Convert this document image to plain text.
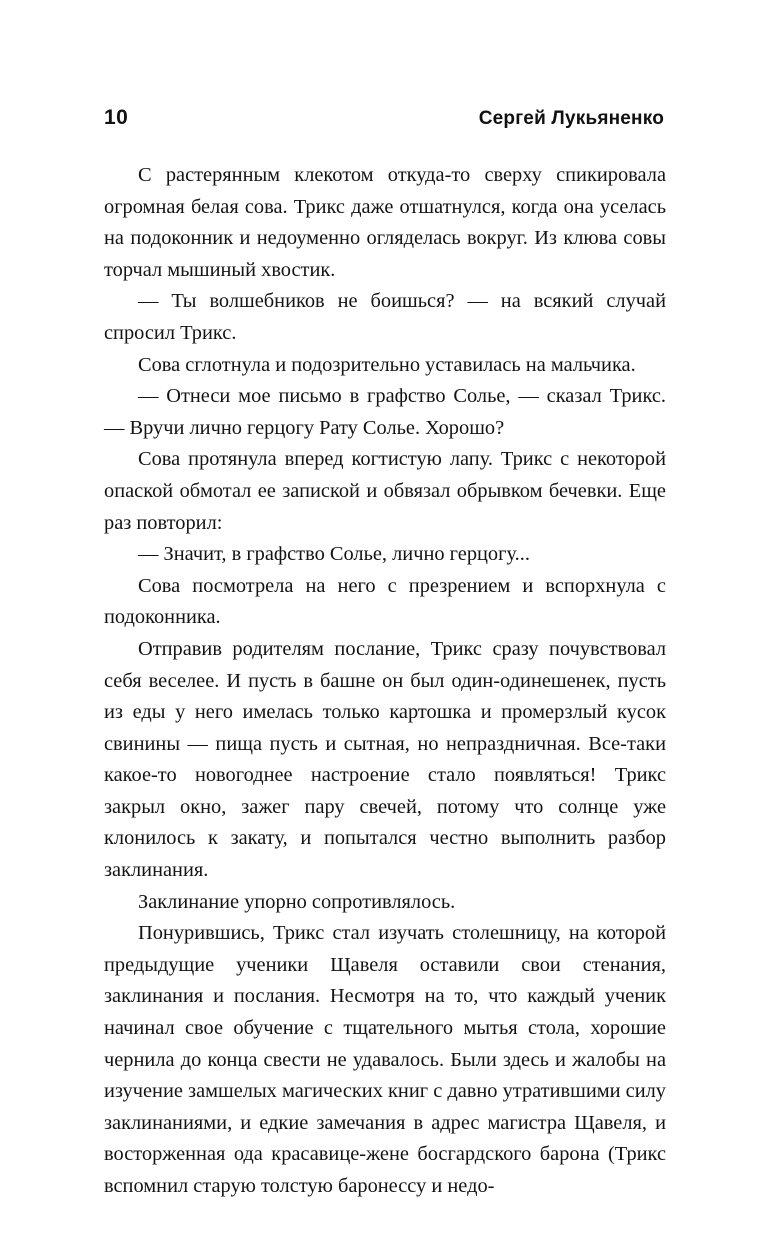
10	Сергей Лукьяненко

С растерянным клекотом откуда-то сверху спикировала огромная белая сова. Трикс даже отшатнулся, когда она уселась на подоконник и недоуменно огляделась вокруг. Из клюва совы торчал мышиный хвостик.

— Ты волшебников не боишься? — на всякий случай спросил Трикс.

Сова сглотнула и подозрительно уставилась на мальчика.

— Отнеси мое письмо в графство Солье, — сказал Трикс. — Вручи лично герцогу Рату Солье. Хорошо?

Сова протянула вперед когтистую лапу. Трикс с некоторой опаской обмотал ее запиской и обвязал обрывком бечевки. Еще раз повторил:

— Значит, в графство Солье, лично герцогу...

Сова посмотрела на него с презрением и вспорхнула с подоконника.

Отправив родителям послание, Трикс сразу почувствовал себя веселее. И пусть в башне он был один-одинешенек, пусть из еды у него имелась только картошка и промерзлый кусок свинины — пища пусть и сытная, но непраздничная. Все-таки какое-то новогоднее настроение стало появляться! Трикс закрыл окно, зажег пару свечей, потому что солнце уже клонилось к закату, и попытался честно выполнить разбор заклинания.

Заклинание упорно сопротивлялось.

Понурившись, Трикс стал изучать столешницу, на которой предыдущие ученики Щавеля оставили свои стенания, заклинания и послания. Несмотря на то, что каждый ученик начинал свое обучение с тщательного мытья стола, хорошие чернила до конца свести не удавалось. Были здесь и жалобы на изучение замшелых магических книг с давно утратившими силу заклинаниями, и едкие замечания в адрес магистра Щавеля, и восторженная ода красавице-жене босгардского барона (Трикс вспомнил старую толстую баронессу и недо-
